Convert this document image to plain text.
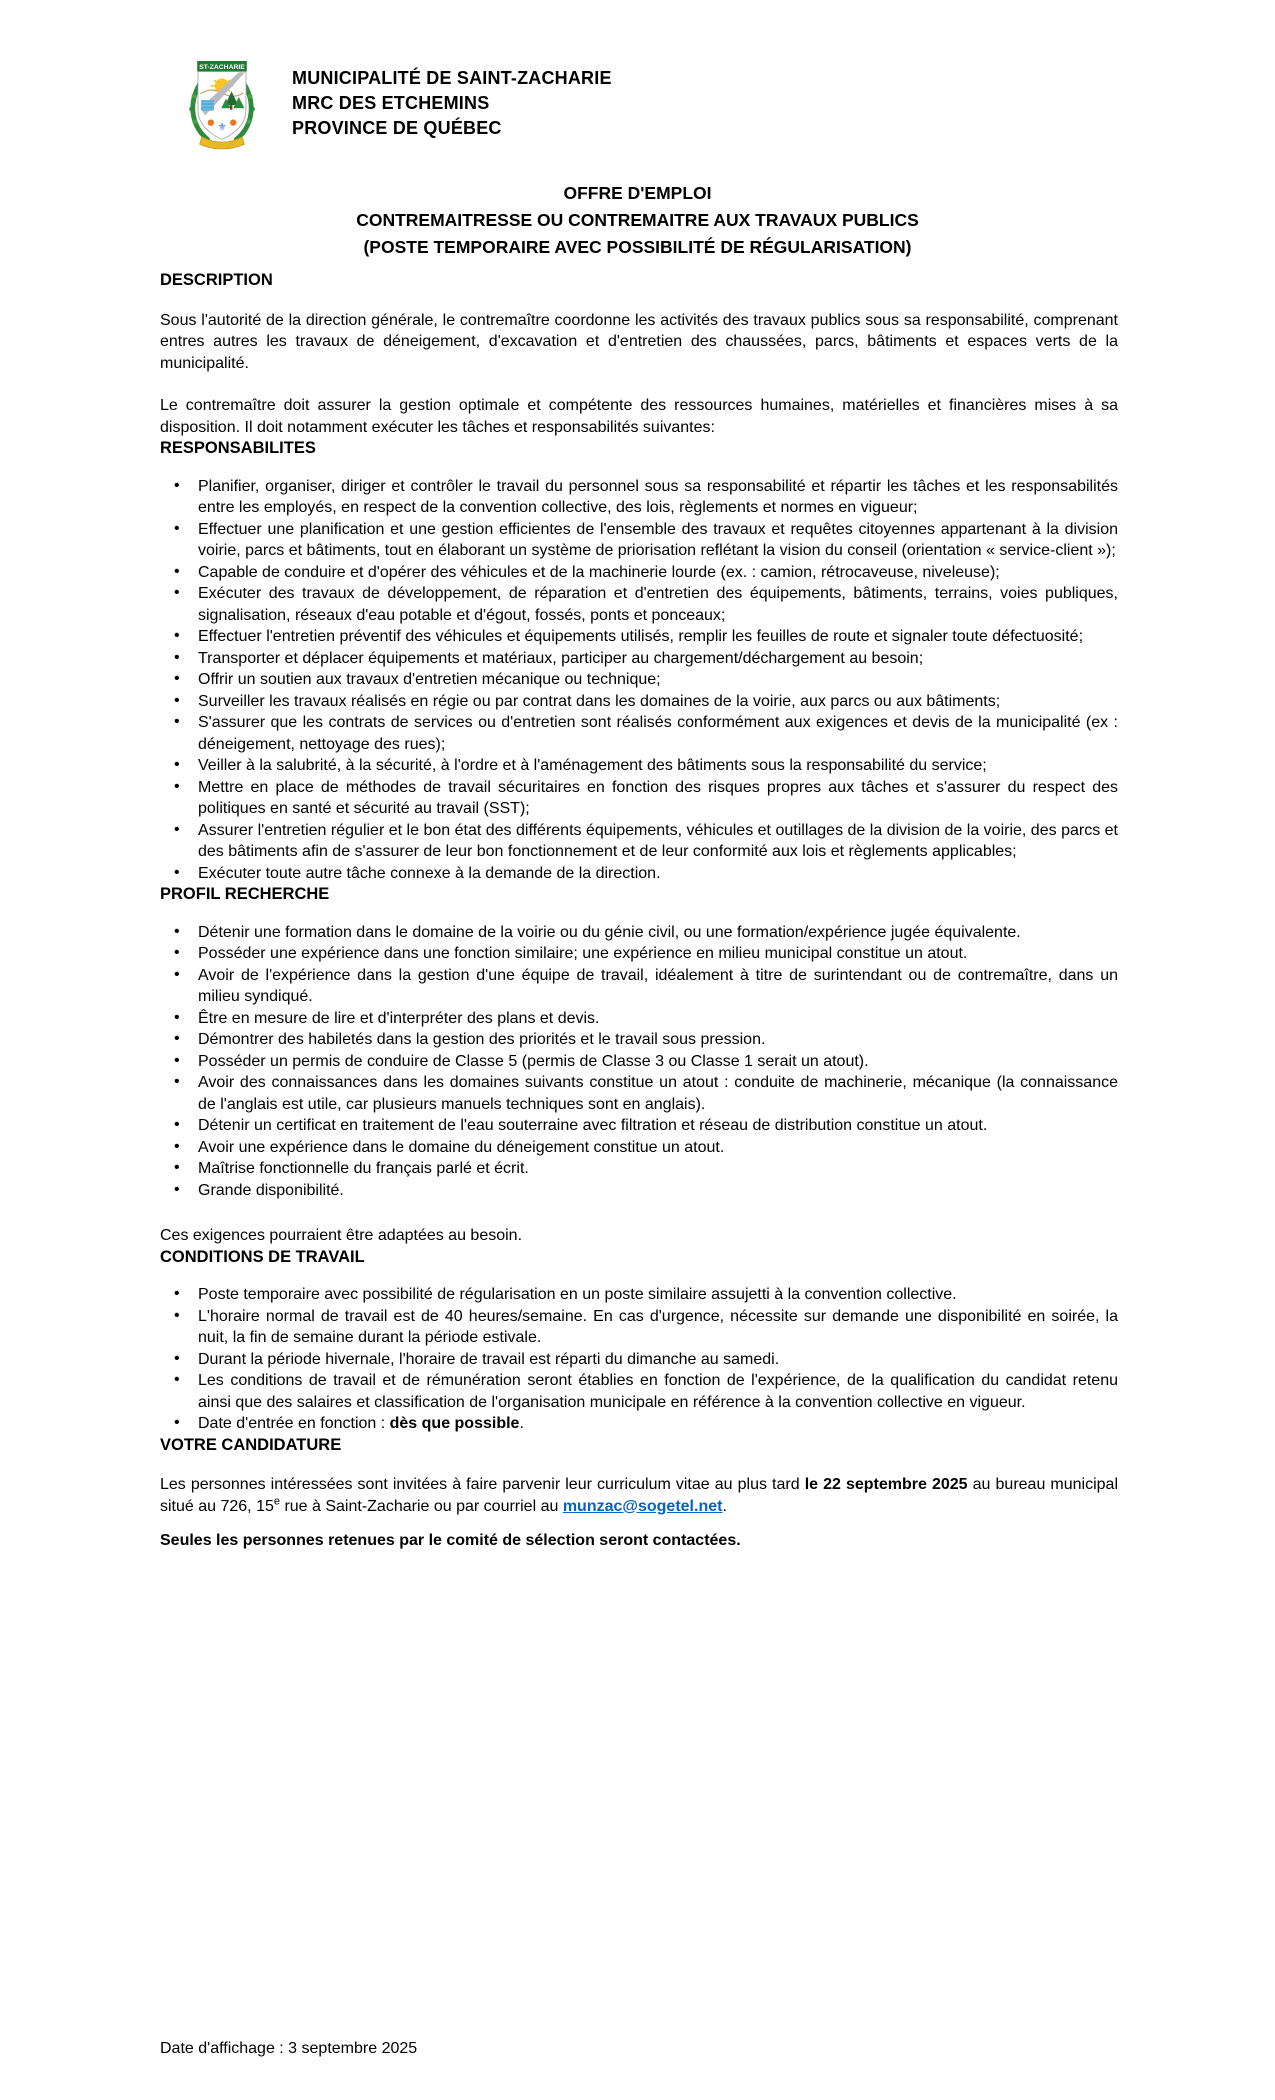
⚜
ST-ZACHARIE
MUNICIPALITÉ DE SAINT-ZACHARIE
MRC DES ETCHEMINS
PROVINCE DE QUÉBEC
OFFRE D'EMPLOI
CONTREMAITRESSE OU CONTREMAITRE AUX TRAVAUX PUBLICS
(POSTE TEMPORAIRE AVEC POSSIBILITÉ DE RÉGULARISATION)
DESCRIPTION

Sous l'autorité de la direction générale, le contremaître coordonne les activités des travaux publics sous sa responsabilité, comprenant entres autres les travaux de déneigement, d'excavation et d'entretien des chaussées, parcs, bâtiments et espaces verts de la municipalité.

Le contremaître doit assurer la gestion optimale et compétente des ressources humaines, matérielles et financières mises à sa disposition. Il doit notamment exécuter les tâches et responsabilités suivantes:

RESPONSABILITES
• Planifier, organiser, diriger et contrôler le travail du personnel sous sa responsabilité et répartir les tâches et les responsabilités entre les employés, en respect de la convention collective, des lois, règlements et normes en vigueur;
• Effectuer une planification et une gestion efficientes de l'ensemble des travaux et requêtes citoyennes appartenant à la division voirie, parcs et bâtiments, tout en élaborant un système de priorisation reflétant la vision du conseil (orientation « service-client »);
• Capable de conduire et d'opérer des véhicules et de la machinerie lourde (ex. : camion, rétrocaveuse, niveleuse);
• Exécuter des travaux de développement, de réparation et d'entretien des équipements, bâtiments, terrains, voies publiques, signalisation, réseaux d'eau potable et d'égout, fossés, ponts et ponceaux;
• Effectuer l'entretien préventif des véhicules et équipements utilisés, remplir les feuilles de route et signaler toute défectuosité;
• Transporter et déplacer équipements et matériaux, participer au chargement/déchargement au besoin;
• Offrir un soutien aux travaux d'entretien mécanique ou technique;
• Surveiller les travaux réalisés en régie ou par contrat dans les domaines de la voirie, aux parcs ou aux bâtiments;
• S'assurer que les contrats de services ou d'entretien sont réalisés conformément aux exigences et devis de la municipalité (ex : déneigement, nettoyage des rues);
• Veiller à la salubrité, à la sécurité, à l'ordre et à l'aménagement des bâtiments sous la responsabilité du service;
• Mettre en place de méthodes de travail sécuritaires en fonction des risques propres aux tâches et s'assurer du respect des politiques en santé et sécurité au travail (SST);
• Assurer l'entretien régulier et le bon état des différents équipements, véhicules et outillages de la division de la voirie, des parcs et des bâtiments afin de s'assurer de leur bon fonctionnement et de leur conformité aux lois et règlements applicables;
• Exécuter toute autre tâche connexe à la demande de la direction.
PROFIL RECHERCHE
• Détenir une formation dans le domaine de la voirie ou du génie civil, ou une formation/expérience jugée équivalente.
• Posséder une expérience dans une fonction similaire; une expérience en milieu municipal constitue un atout.
• Avoir de l'expérience dans la gestion d'une équipe de travail, idéalement à titre de surintendant ou de contremaître, dans un milieu syndiqué.
• Être en mesure de lire et d'interpréter des plans et devis.
• Démontrer des habiletés dans la gestion des priorités et le travail sous pression.
• Posséder un permis de conduire de Classe 5 (permis de Classe 3 ou Classe 1 serait un atout).
• Avoir des connaissances dans les domaines suivants constitue un atout : conduite de machinerie, mécanique (la connaissance de l'anglais est utile, car plusieurs manuels techniques sont en anglais).
• Détenir un certificat en traitement de l'eau souterraine avec filtration et réseau de distribution constitue un atout.
• Avoir une expérience dans le domaine du déneigement constitue un atout.
• Maîtrise fonctionnelle du français parlé et écrit.
• Grande disponibilité.

Ces exigences pourraient être adaptées au besoin.

CONDITIONS DE TRAVAIL
• Poste temporaire avec possibilité de régularisation en un poste similaire assujetti à la convention collective.
• L'horaire normal de travail est de 40 heures/semaine. En cas d'urgence, nécessite sur demande une disponibilité en soirée, la nuit, la fin de semaine durant la période estivale.
• Durant la période hivernale, l'horaire de travail est réparti du dimanche au samedi.
• Les conditions de travail et de rémunération seront établies en fonction de l'expérience, de la qualification du candidat retenu ainsi que des salaires et classification de l'organisation municipale en référence à la convention collective en vigueur.
• Date d'entrée en fonction : dès que possible.
VOTRE CANDIDATURE

Les personnes intéressées sont invitées à faire parvenir leur curriculum vitae au plus tard le 22 septembre 2025 au bureau municipal situé au 726, 15e rue à Saint-Zacharie ou par courriel au munzac@sogetel.net.

Seules les personnes retenues par le comité de sélection seront contactées.

Date d'affichage : 3 septembre 2025
